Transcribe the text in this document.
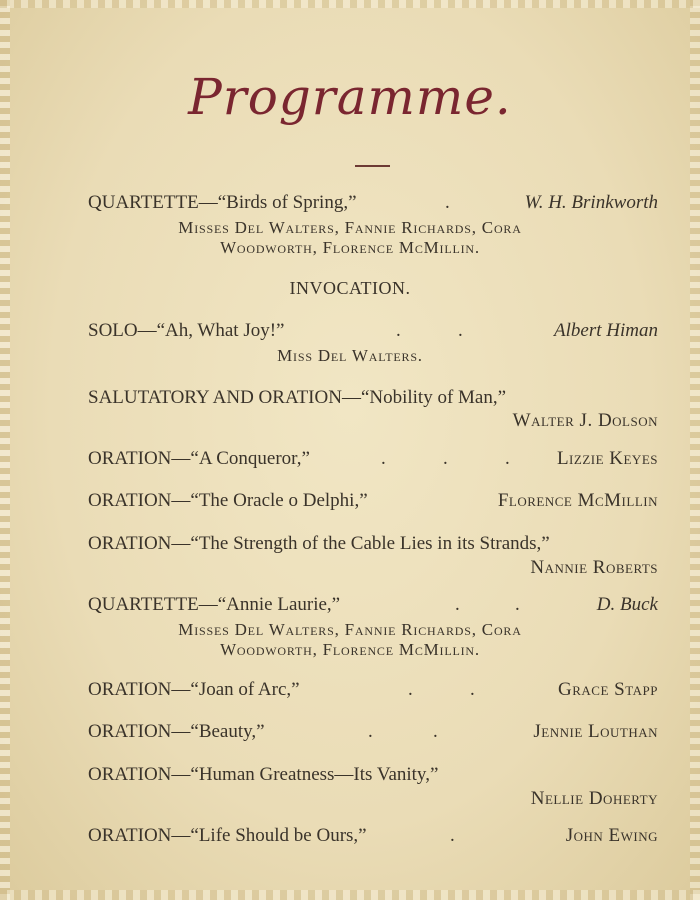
Programme.
QUARTETTE—“Birds of Spring,”	.	W. H. Brinkworth
Misses Del Walters, Fannie Richards, Cora
Woodworth, Florence McMillin.
INVOCATION.
SOLO—“Ah, What Joy!”	.	.	Albert Himan
Miss Del Walters.
SALUTATORY AND ORATION—“Nobility of Man,”
Walter J. Dolson
ORATION—“A Conqueror,”	.	.	. Lizzie Keyes
ORATION—“The Oracle o Delphi,”	Florence McMillin
ORATION—“The Strength of the Cable Lies in its Strands,”
Nannie Roberts
QUARTETTE—“Annie Laurie,”	.	.	D. Buck
Misses Del Walters, Fannie Richards, Cora
Woodworth, Florence McMillin.
ORATION—“Joan of Arc,”	.	.	Grace Stapp
ORATION—“Beauty,”	.	.	Jennie Louthan
ORATION—“Human Greatness—Its Vanity,”
Nellie Doherty
ORATION—“Life Should be Ours,”	.	John Ewing
